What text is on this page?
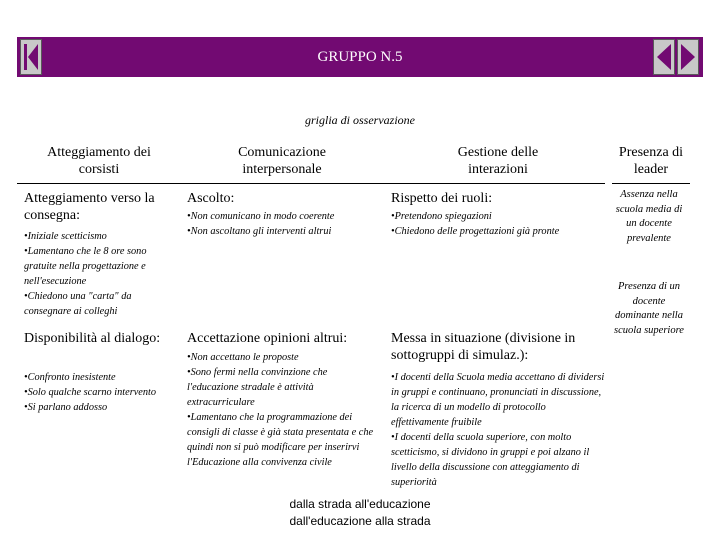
GRUPPO N.5
griglia di osservazione
Atteggiamento dei corsisti
Comunicazione interpersonale
Gestione delle interazioni
Presenza di leader
Atteggiamento verso la consegna:
•Iniziale scetticismo
•Lamentano che le 8 ore sono gratuite nella progettazione e nell'esecuzione
•Chiedono una "carta" da consegnare ai colleghi
Ascolto:
•Non comunicano in modo coerente
•Non ascoltano gli interventi altrui
Rispetto dei ruoli:
•Pretendono spiegazioni
•Chiedono delle progettazioni già pronte
Disponibilità al dialogo:
•Confronto inesistente
•Solo qualche scarno intervento
•Si parlano addosso
Accettazione opinioni altrui:
•Non accettano le proposte
•Sono fermi nella convinzione che l'educazione stradale è attività extracurriculare
•Lamentano che la programmazione dei consigli di classe è già stata presentata e che quindi non si può modificare per inserirvi l'Educazione alla convivenza civile
Messa in situazione (divisione in sottogruppi di simulaz.):
•I docenti della Scuola media accettano di dividersi in gruppi e continuano, pronunciati in discussione, la ricerca di un modello di protocollo effettivamente fruibile
•I docenti della scuola superiore, con molto scetticismo, si dividono in gruppi e poi alzano il livello della discussione con atteggiamento di superiorità
Assenza nella scuola media di un docente prevalente
Presenza di un docente dominante nella scuola superiore
dalla strada all'educazione
dall'educazione alla strada
